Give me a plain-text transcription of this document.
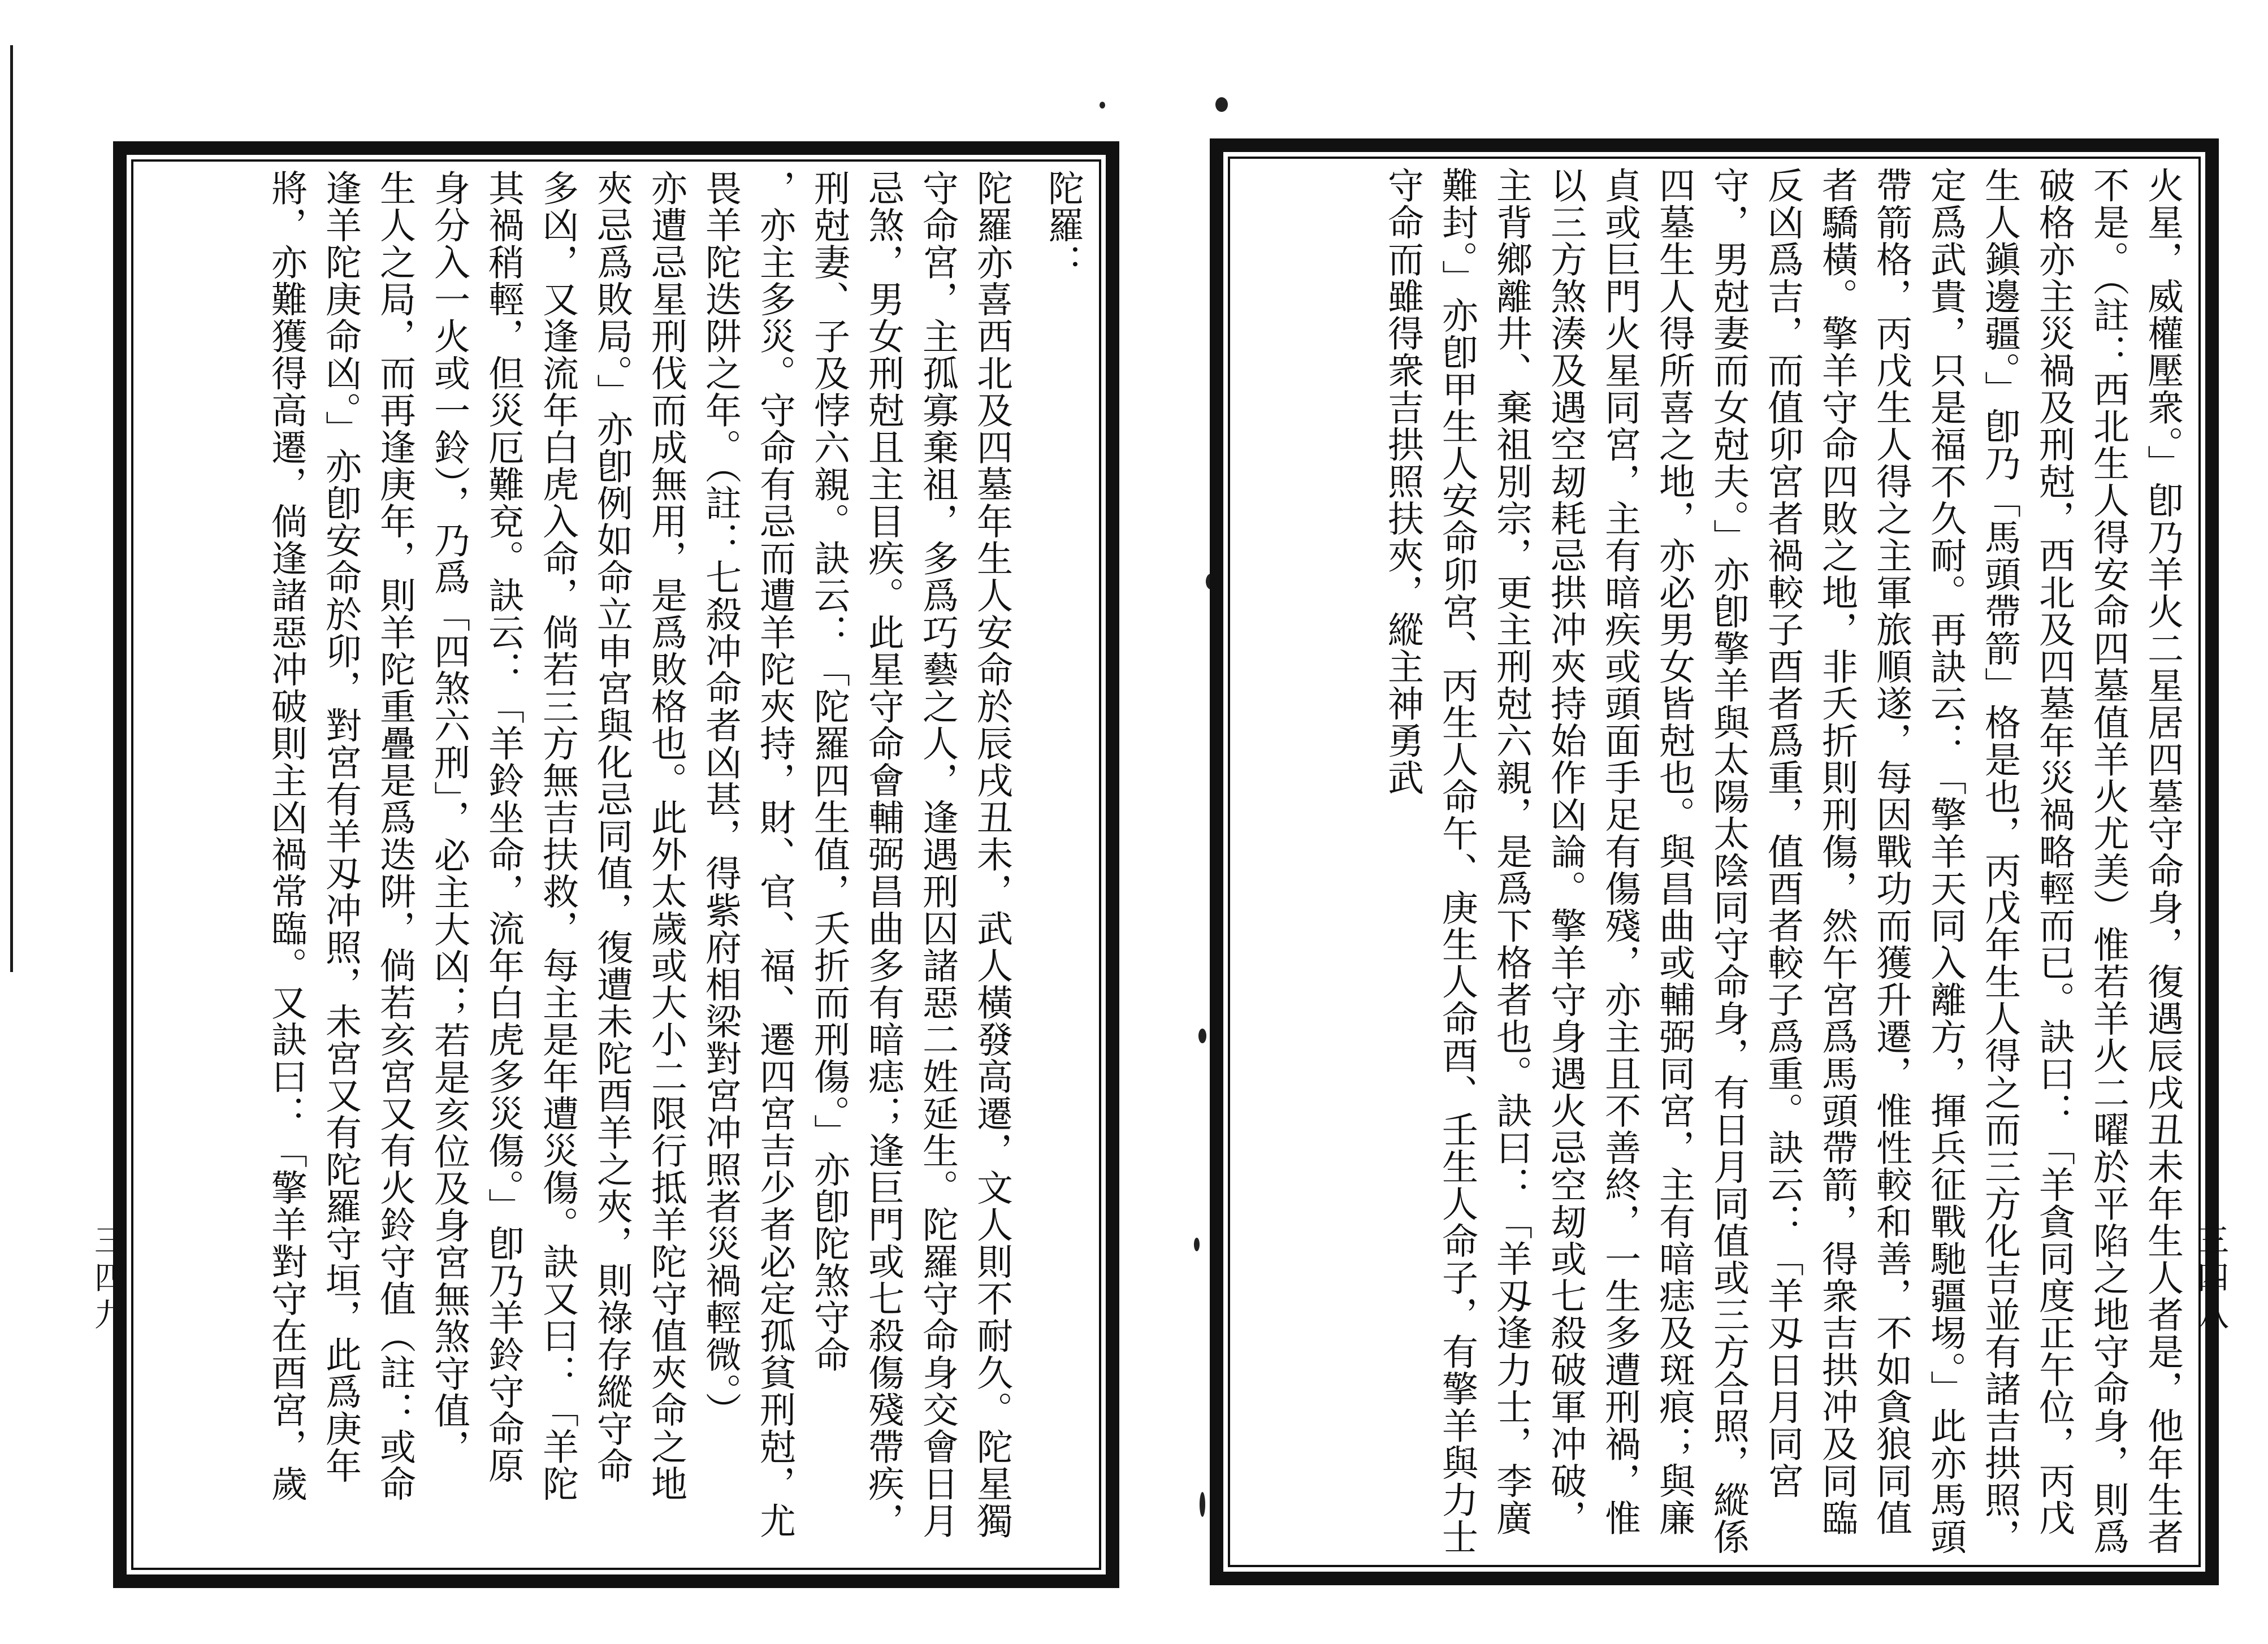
陀羅：

陀羅亦喜西北及四墓年生人安命於辰戌丑未，武人橫發高遷，文人則不耐久。陀星獨守命宮，主孤寡棄祖，多爲巧藝之人，逢遇刑囚諸惡二姓延生。陀羅守命身交會日月忌煞，男女刑尅且主目疾。此星守命會輔弼昌曲多有暗痣；逢巨門或七殺傷殘帶疾，刑尅妻、子及悖六親。訣云：「陀羅四生值，夭折而刑傷。」亦卽陀煞守命

，亦主多災。守命有忌而遭羊陀夾持，財、官、福、遷四宮吉少者必定孤貧刑尅，尤畏羊陀迭阱之年。（註：七殺冲命者凶甚，得紫府相梁對宮冲照者災禍輕微。）

亦遭忌星刑伐而成無用，是爲敗格也。此外太歲或大小二限行抵羊陀守值夾命之地

夾忌爲敗局。」亦卽例如命立申宮與化忌同值，復遭未陀酉羊之夾，則祿存縱守命

多凶，又逢流年白虎入命，倘若三方無吉扶救，每主是年遭災傷。訣又曰：「羊陀

其禍稍輕，但災厄難兗。訣云：「羊鈴坐命，流年白虎多災傷。」卽乃羊鈴守命原

身分入一火或一鈴），乃爲「四煞六刑」，必主大凶；若是亥位及身宮無煞守值，

生人之局，而再逢庚年，則羊陀重疊是爲迭阱，倘若亥宮又有火鈴守值（註：或命

逢羊陀庚命凶。」亦卽安命於卯，對宮有羊刄冲照，未宮又有陀羅守垣，此爲庚年

將，亦難獲得高遷，倘逢諸惡冲破則主凶禍常臨。又訣曰：「擎羊對守在酉宮，歲

三四九	火星，威權壓衆。」卽乃羊火二星居四墓守命身，復遇辰戌丑未年生人者是，他年生者不是。（註：西北生人得安命四墓值羊火尤美）惟若羊火二曜於平陷之地守命身，則爲破格亦主災禍及刑尅，西北及四墓年災禍略輕而已。訣曰：「羊貪同度正午位，丙戊生人鎭邊疆。」卽乃「馬頭帶箭」格是也，丙戊年生人得之而三方化吉並有諸吉拱照，定爲武貴，只是福不久耐。再訣云：「擎羊天同入離方，揮兵征戰馳疆埸。」此亦馬頭帶箭格，丙戊生人得之主軍旅順遂，每因戰功而獲升遷，惟性較和善，不如貪狼同值者驕橫。擎羊守命四敗之地，非夭折則刑傷，然午宮爲馬頭帶箭，得衆吉拱冲及同臨反凶爲吉，而值卯宮者禍較子酉者爲重，值酉者較子爲重。訣云：「羊刄日月同宮守，男尅妻而女尅夫。」亦卽擎羊與太陽太陰同守命身，有日月同值或三方合照，縱係四墓生人得所喜之地，亦必男女皆尅也。與昌曲或輔弼同宮，主有暗痣及斑痕；與廉貞或巨門火星同宮，主有暗疾或頭面手足有傷殘，亦主且不善終，一生多遭刑禍，惟以三方煞湊及遇空刼耗忌拱冲夾持始作凶論。擎羊守身遇火忌空刼或七殺破軍冲破，主背鄉離井、棄祖別宗，更主刑尅六親，是爲下格者也。訣曰：「羊刄逢力士，李廣難封。」亦卽甲生人安命卯宮、丙生人命午、庚生人命酉、壬生人命子，有擎羊與力士守命而雖得衆吉拱照扶夾，縱主神勇武

三四八
